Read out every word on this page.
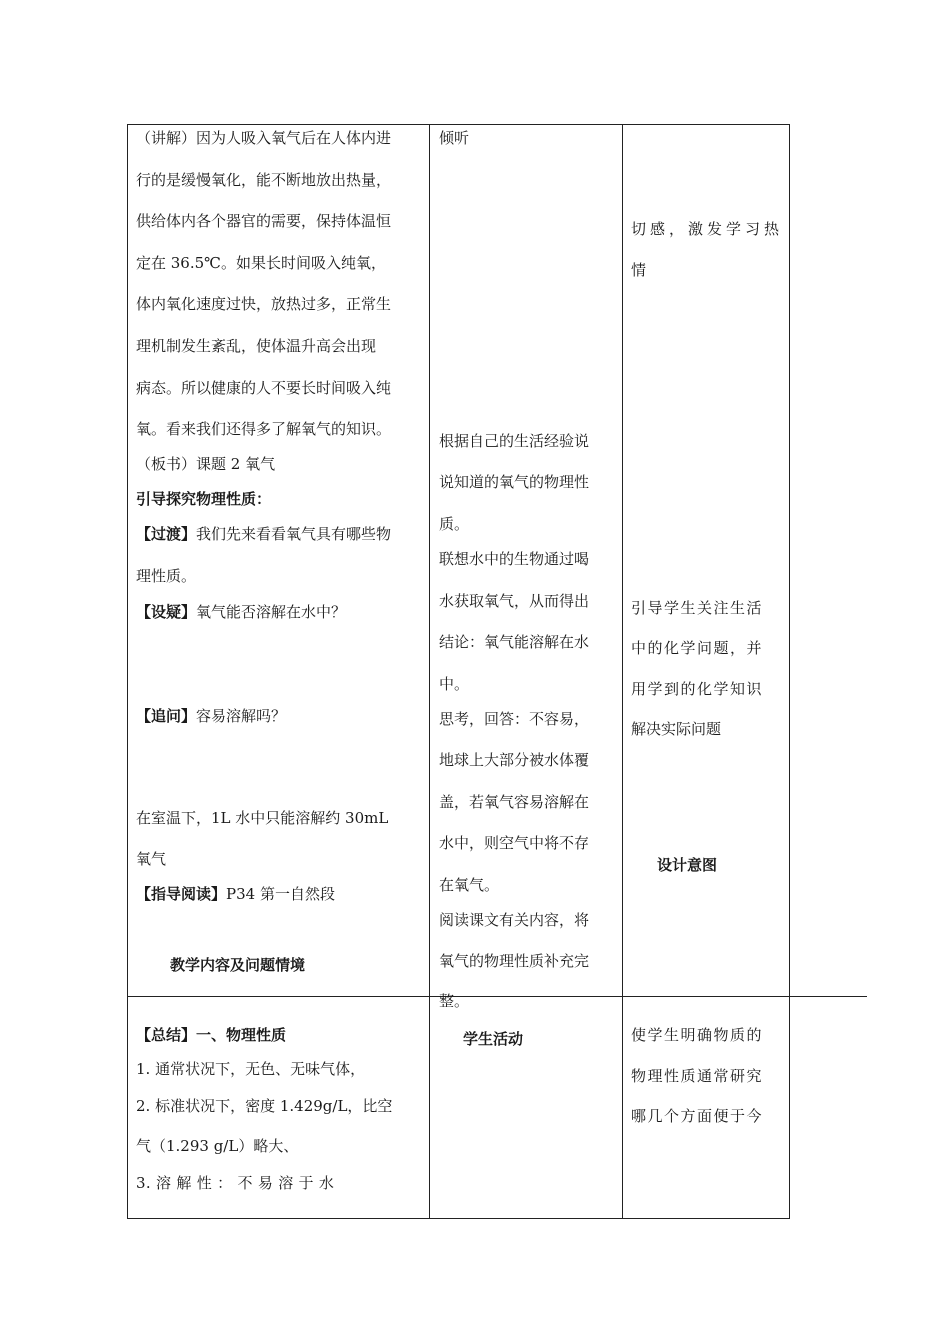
（讲解）因为人吸入氧气后在人体内进
行的是缓慢氧化，能不断地放出热量，
供给体内各个器官的需要，保持体温恒
定在 36.5℃。如果长时间吸入纯氧，
体内氧化速度过快，放热过多，正常生
理机制发生紊乱，使体温升高会出现
病态。所以健康的人不要长时间吸入纯
氧。看来我们还得多了解氧气的知识。
（板书）课题 2 氧气
引导探究物理性质：
【过渡】我们先来看看氧气具有哪些物
理性质。
【设疑】氧气能否溶解在水中？
【追问】容易溶解吗？
在室温下，1L 水中只能溶解约 30mL
氧气
【指导阅读】P34 第一自然段
教学内容及问题情境
【总结】一、物理性质
1. 通常状况下，无色、无味气体，
2. 标准状况下，密度 1.429g/L，比空
气（1.293 g/L）略大、
3. 溶 解 性 ： 不 易 溶 于 水
倾听
根据自己的生活经验说
说知道的氧气的物理性
质。
联想水中的生物通过喝
水获取氧气，从而得出
结论：氧气能溶解在水
中。
思考，回答：不容易，
地球上大部分被水体覆
盖，若氧气容易溶解在
水中，则空气中将不存
在氧气。
阅读课文有关内容，将
氧气的物理性质补充完
整。
学生活动
切感，激发学习热
情
引导学生关注生活
中的化学问题，并
用学到的化学知识
解决实际问题
设计意图
使学生明确物质的
物理性质通常研究
哪几个方面便于今
